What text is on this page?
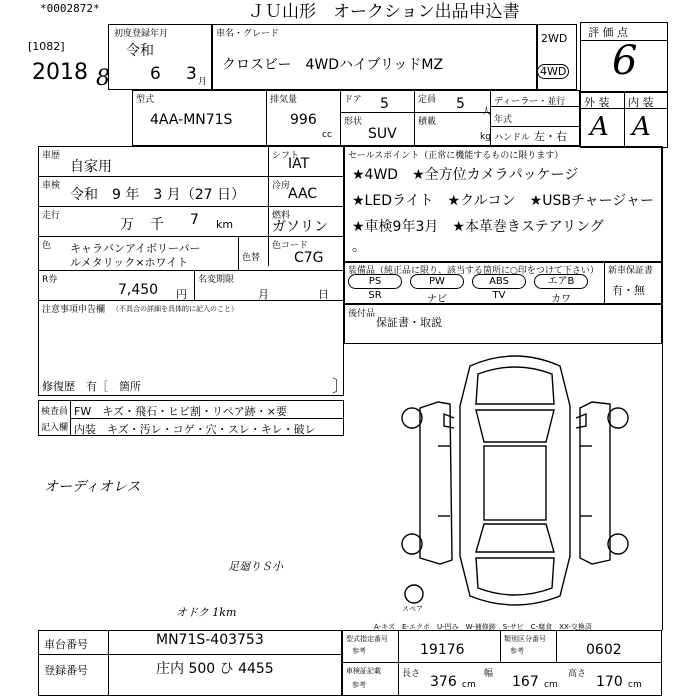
*0002872*	ＪＵ山形　オークション出品申込書
[1082]
初度登録年月
令和
6 3 月
2018 8
車名・グレード
クロスビー　4WDハイブリッドMZ
2WD
4WD
評 価 点
6
外 装 内 装
A A
型式
4AA-MN71S
排気量
996
cc
ドア 5	定員 5 人
形状
SUV
積載
kg
ディーラー・並行
年式
ハンドル 左・右
車歴
自家用
シフト
IAT
車検
令和　9 年　3 月（27 日）
冷房
AAC
走行
万 千 7 km
燃料
ガソリン
色 キャラバンアイボリーパー
ルメタリック×ホワイト	色替
色コード
C7G
R券
7,450 円
名変期限
月	日
注意事項申告欄 （不具合の詳細を具体的に記入のこと）
修復歴　 有［　箇所	〕
検査員
記入欄
FW　キズ・飛石・ヒビ割・リペア跡・×要
内装　キズ・汚レ・コゲ・穴・スレ・キレ・破レ
オーディオレス
足廻りＳ小
オドク 1km
セールスポイント（正常に機能するものに限ります）
★4WD　★全方位カメラパッケージ
★LEDライト　★クルコン　★USBチャージャー
★車検9年3月　★本革巻きステアリング
。
装備品（純正品に限り、該当する箇所に○印をつけて下さい） 新車保証書
有・無
PS	PW	ABS	エアB
SR	ナビ	TV	カワ
後付品
保証書・取説
スペア
A-キズ　E-エクボ　U-凹み　W-補修跡　S-サビ　C-腐食　XX-交換済
車台番号	MN71S-403753
登録番号	庄内 500 ひ 4455
型式指定番号
参考	19176
類別区分番号
参考	0602
車検証記載
参考
長さ 376 cm
幅 167 cm
高さ 170 cm
